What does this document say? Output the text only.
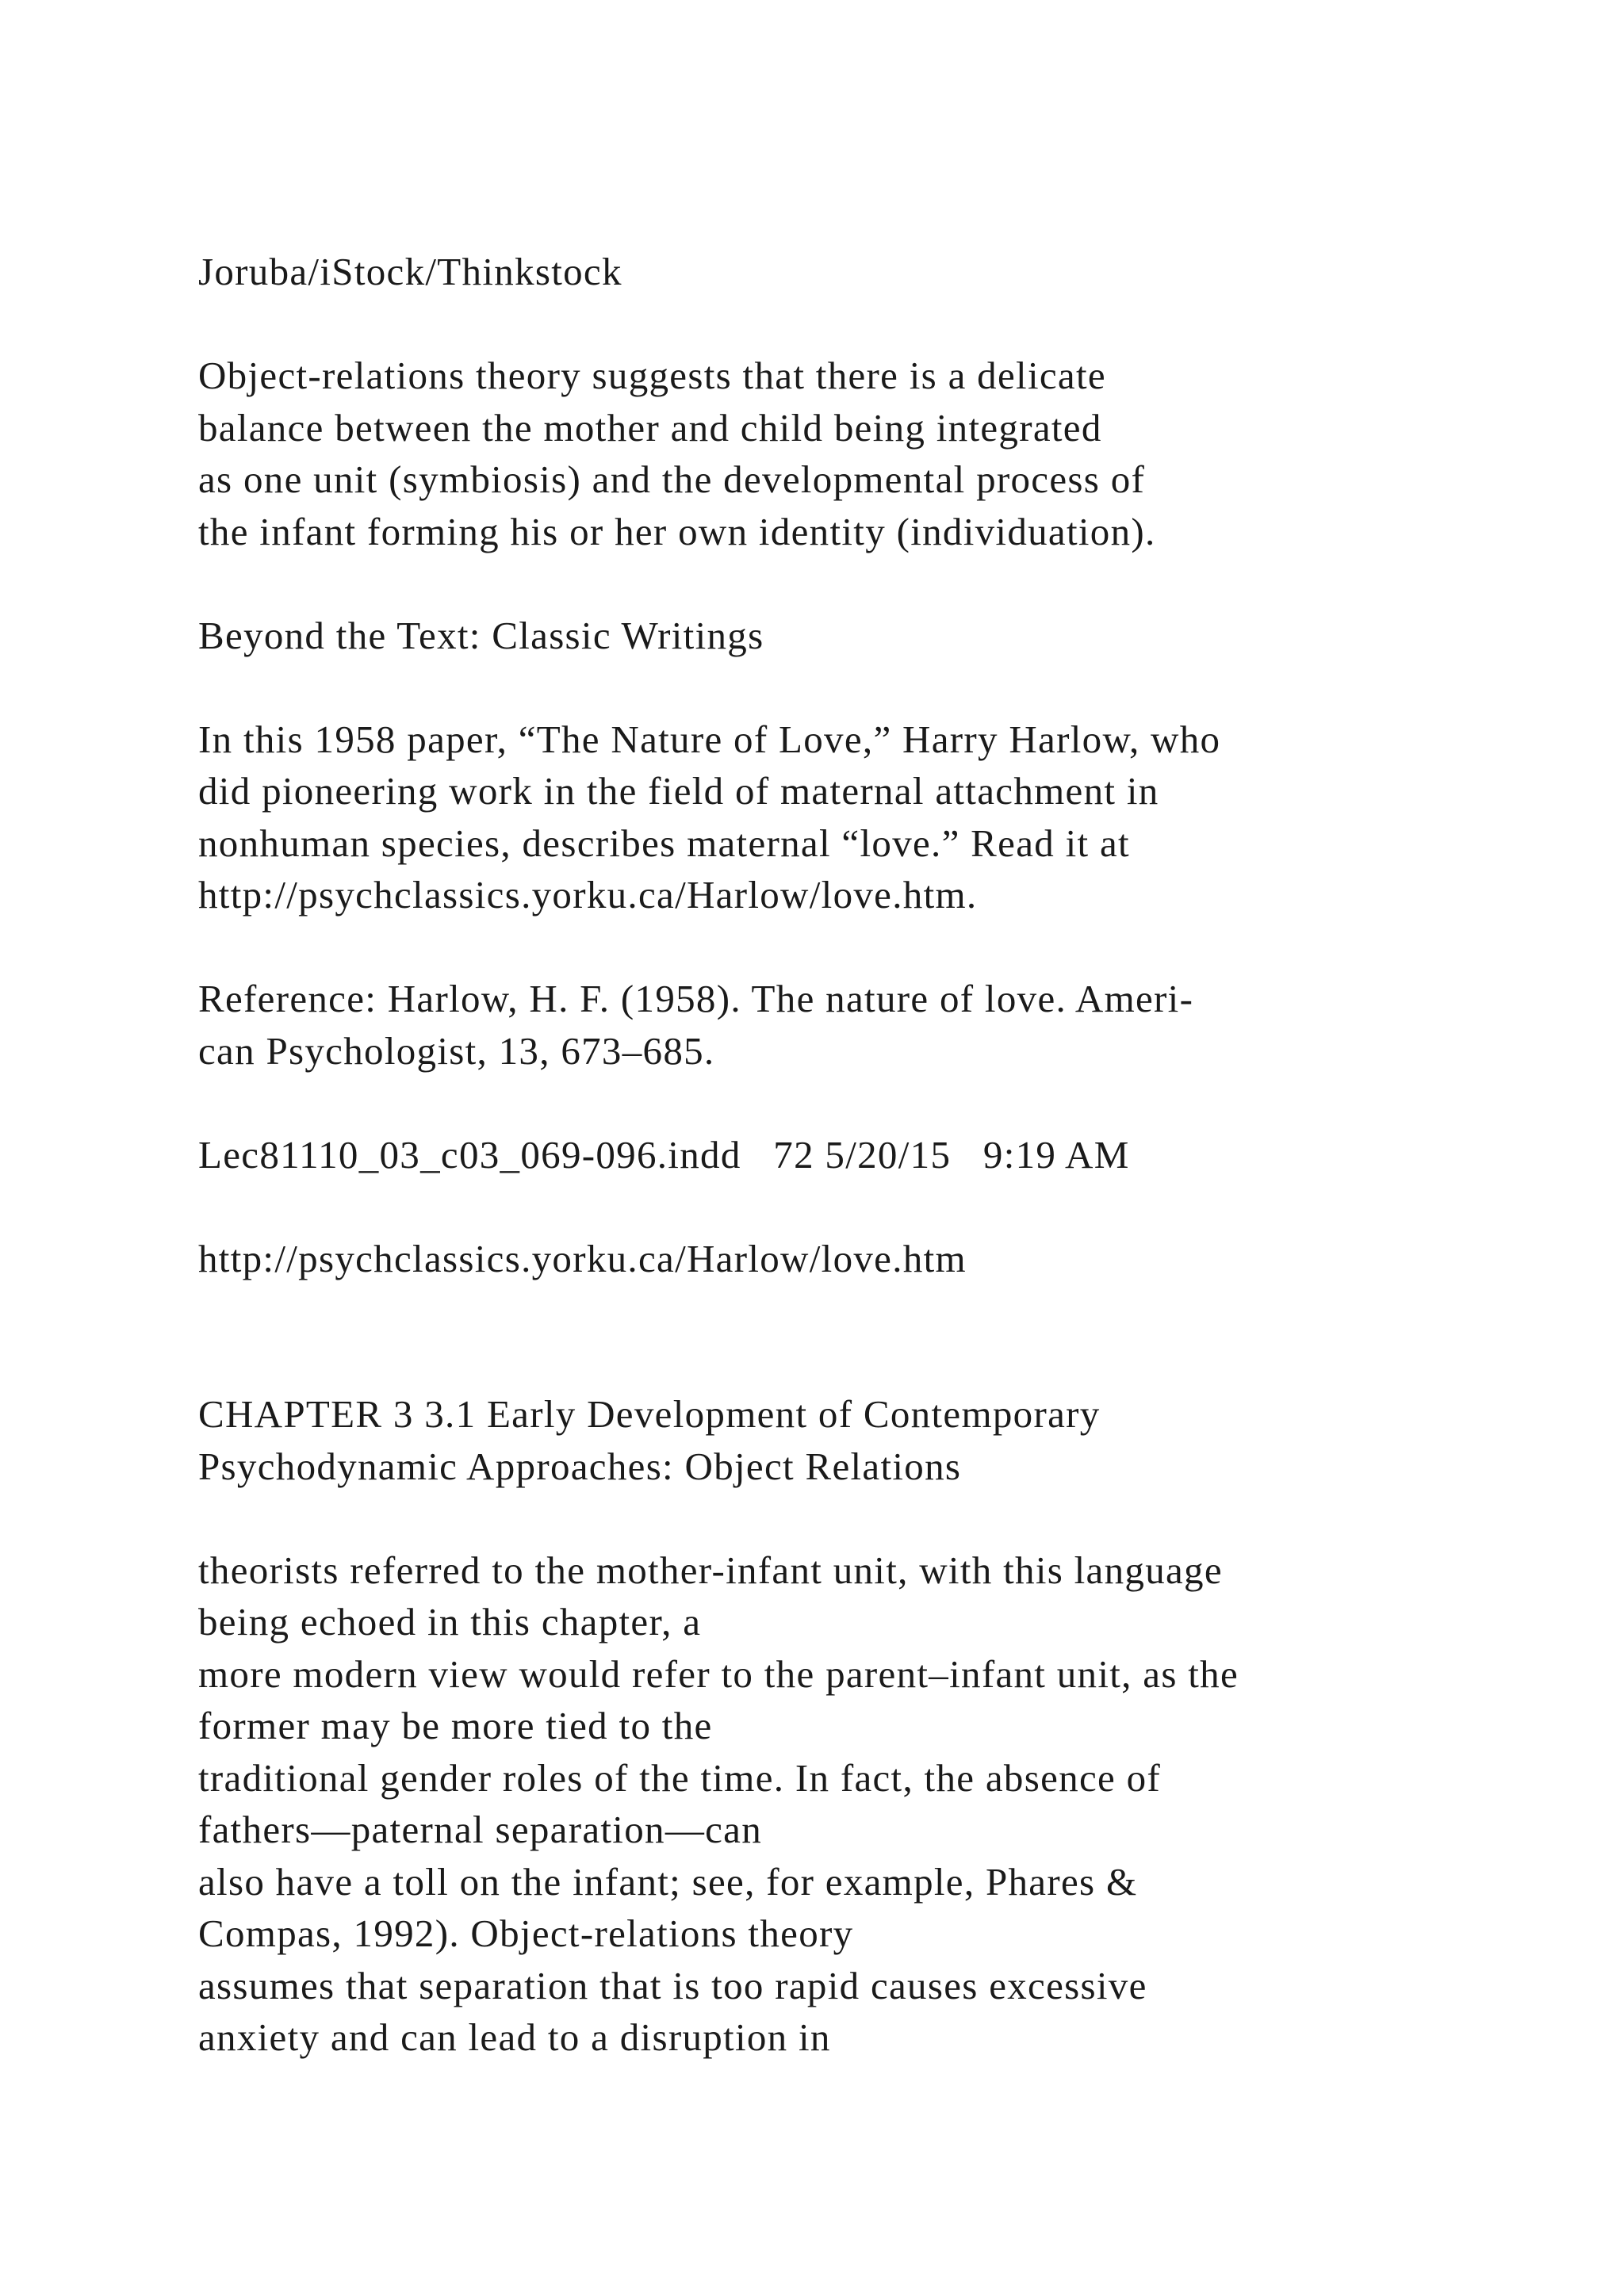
Joruba/iStock/Thinkstock
Object-relations theory suggests that there is a delicate
balance between the mother and child being integrated
as one unit (symbiosis) and the developmental process of
the infant forming his or her own identity (individuation).
Beyond the Text: Classic Writings
In this 1958 paper, “The Nature of Love,” Harry Harlow, who
did pioneering work in the field of maternal attachment in
nonhuman species, describes maternal “love.” Read it at
http://psychclassics.yorku.ca/Harlow/love.htm.
Reference: Harlow, H. F. (1958). The nature of love. Ameri-
can Psychologist, 13, 673–685.
Lec81110_03_c03_069-096.indd   72 5/20/15   9:19 AM
http://psychclassics.yorku.ca/Harlow/love.htm
CHAPTER 3 3.1 Early Development of Contemporary
Psychodynamic Approaches: Object Relations
theorists referred to the mother-infant unit, with this language
being echoed in this chapter, a
more modern view would refer to the parent–infant unit, as the
former may be more tied to the
traditional gender roles of the time. In fact, the absence of
fathers—paternal separation—can
also have a toll on the infant; see, for example, Phares &
Compas, 1992). Object-relations theory
assumes that separation that is too rapid causes excessive
anxiety and can lead to a disruption in
